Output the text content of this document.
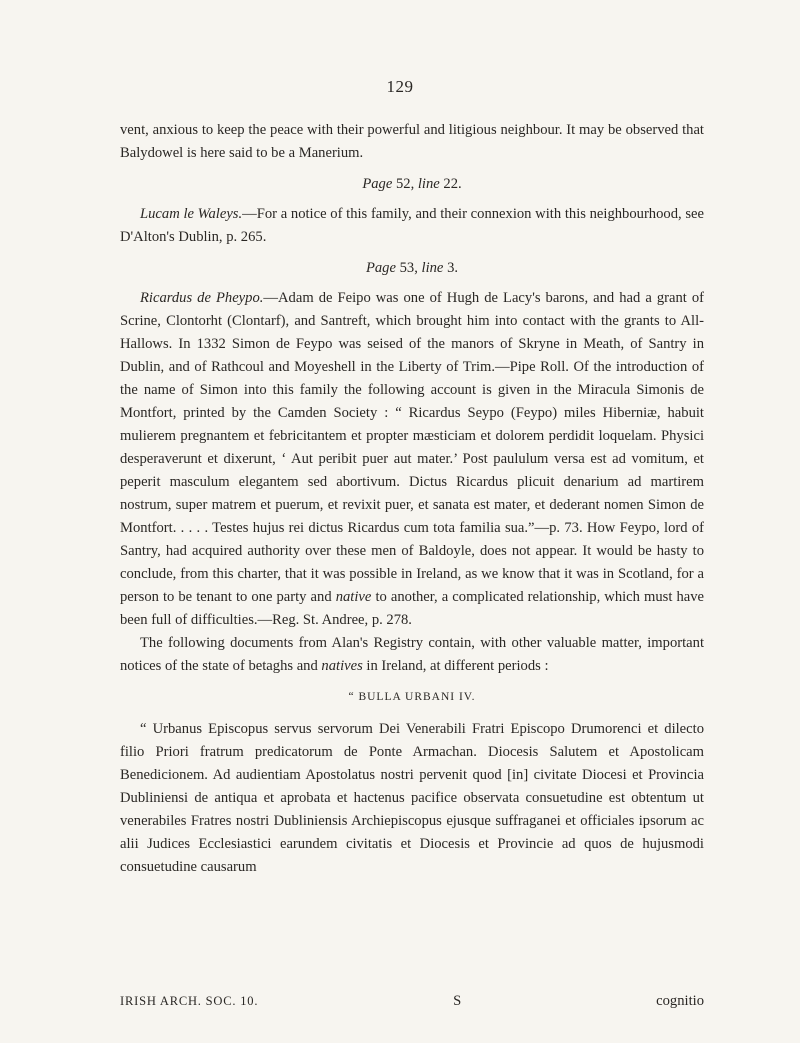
129

vent, anxious to keep the peace with their powerful and litigious neighbour. It may be observed that Balydowel is here said to be a Manerium.

Page 52, line 22.

Lucam le Waleys.—For a notice of this family, and their connexion with this neighbourhood, see D'Alton's Dublin, p. 265.

Page 53, line 3.

Ricardus de Pheypo.—Adam de Feipo was one of Hugh de Lacy's barons, and had a grant of Scrine, Clontorht (Clontarf), and Santreft, which brought him into contact with the grants to All-Hallows. In 1332 Simon de Feypo was seised of the manors of Skryne in Meath, of Santry in Dublin, and of Rathcoul and Moyeshell in the Liberty of Trim.—Pipe Roll. Of the introduction of the name of Simon into this family the following account is given in the Miracula Simonis de Montfort, printed by the Camden Society : “ Ricardus Seypo (Feypo) miles Hiberniæ, habuit mulierem pregnantem et febricitantem et propter mæsticiam et dolorem perdidit loquelam. Physici desperaverunt et dixerunt, ‘ Aut peribit puer aut mater.’ Post paululum versa est ad vomitum, et peperit masculum elegantem sed abortivum. Dictus Ricardus plicuit denarium ad martirem nostrum, super matrem et puerum, et revixit puer, et sanata est mater, et dederant nomen Simon de Montfort. . . . . Testes hujus rei dictus Ricardus cum tota familia sua.”—p. 73. How Feypo, lord of Santry, had acquired authority over these men of Baldoyle, does not appear. It would be hasty to conclude, from this charter, that it was possible in Ireland, as we know that it was in Scotland, for a person to be tenant to one party and native to another, a complicated relationship, which must have been full of difficulties.—Reg. St. Andree, p. 278.

The following documents from Alan's Registry contain, with other valuable matter, important notices of the state of betaghs and natives in Ireland, at different periods :

“ BULLA URBANI IV.

“ Urbanus Episcopus servus servorum Dei Venerabili Fratri Episcopo Drumorenci et dilecto filio Priori fratrum predicatorum de Ponte Armachan. Diocesis Salutem et Apostolicam Benedicionem. Ad audientiam Apostolatus nostri pervenit quod [in] civitate Diocesi et Provincia Dubliniensi de antiqua et aprobata et hactenus pacifice observata consuetudine est obtentum ut venerabiles Fratres nostri Dubliniensis Archiepiscopus ejusque suffraganei et officiales ipsorum ac alii Judices Ecclesiastici earundem civitatis et Diocesis et Provincie ad quos de hujusmodi consuetudine causarum

IRISH ARCH. SOC. 10.	S	cognitio
